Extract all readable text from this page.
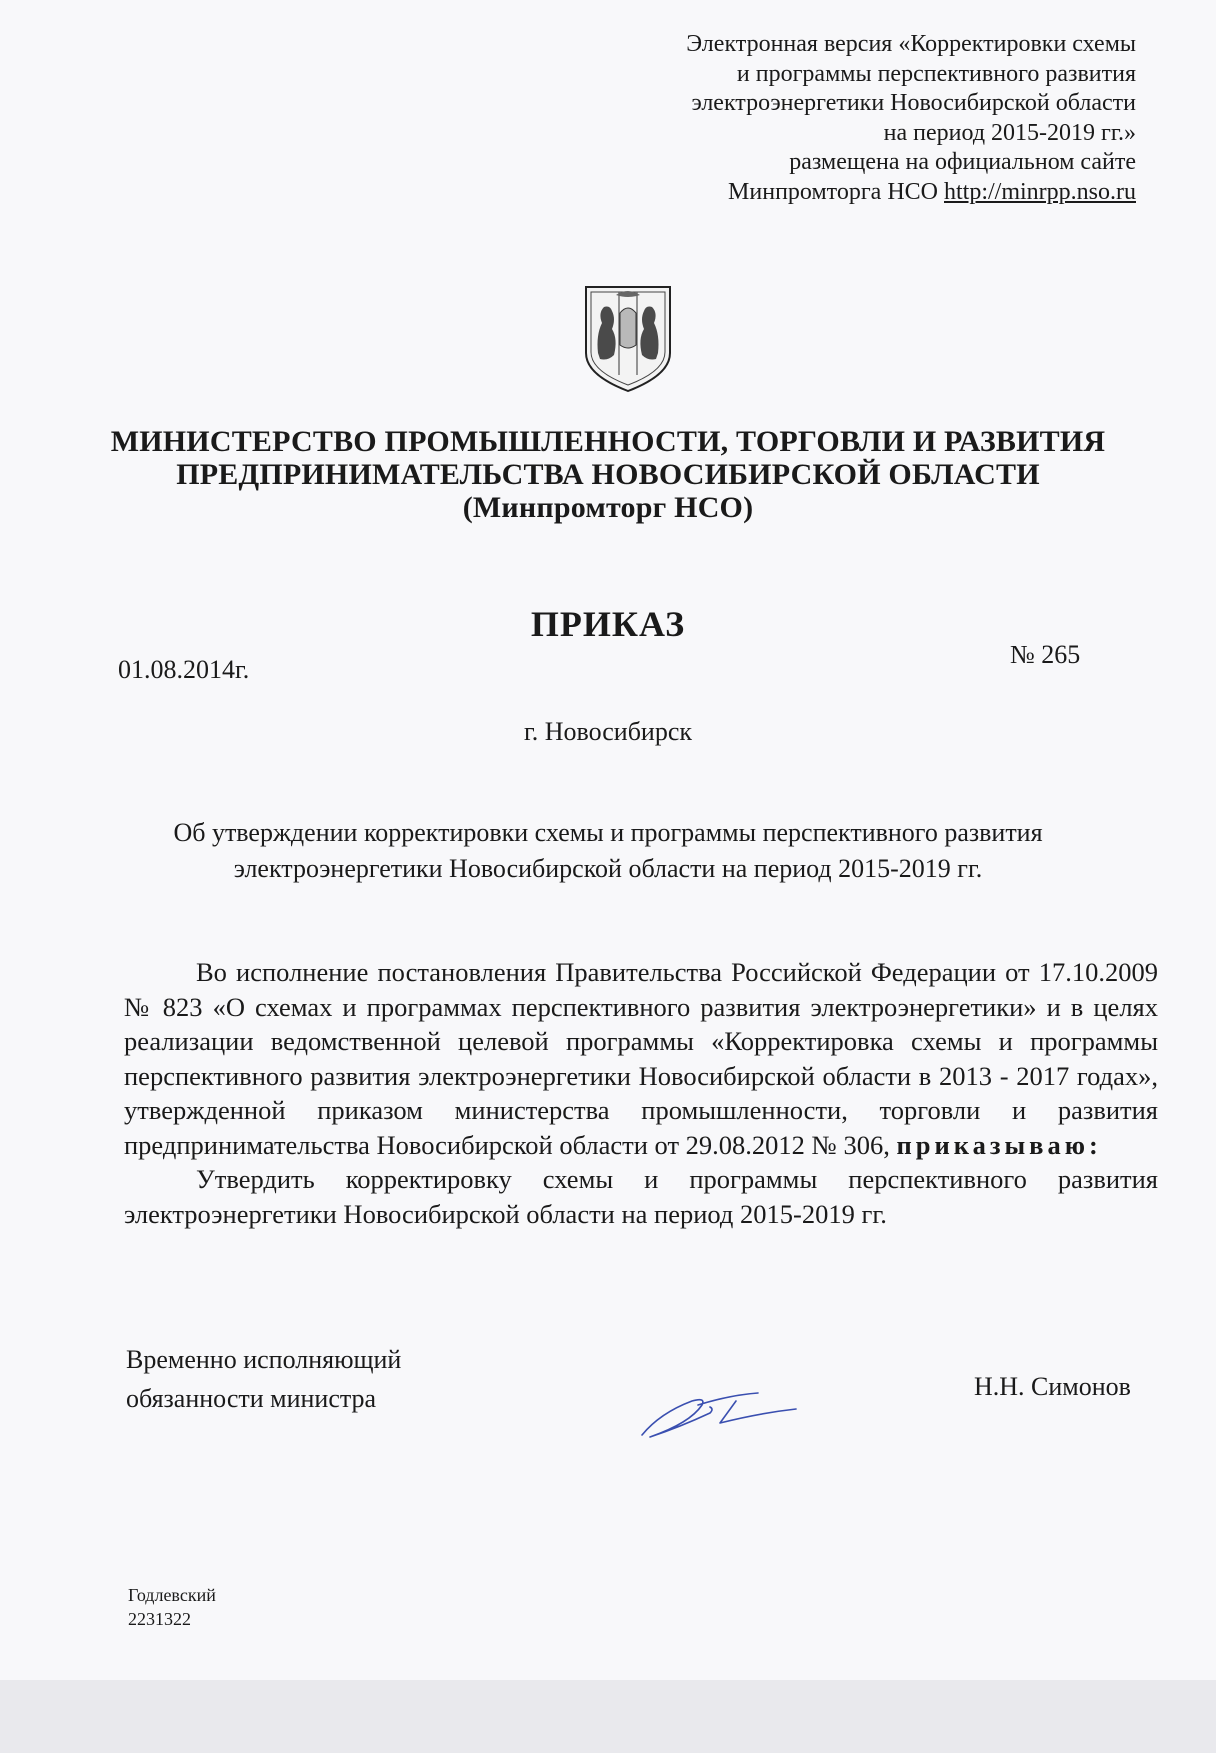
Электронная версия «Корректировки схемы
и программы перспективного развития
электроэнергетики Новосибирской области
на период 2015-2019 гг.»
размещена на официальном сайте
Минпромторга НСО http://minrpp.nso.ru
МИНИСТЕРСТВО ПРОМЫШЛЕННОСТИ, ТОРГОВЛИ И РАЗВИТИЯ
ПРЕДПРИНИМАТЕЛЬСТВА НОВОСИБИРСКОЙ ОБЛАСТИ
(Минпромторг НСО)
ПРИКАЗ
01.08.2014г.
№ 265
г. Новосибирск
Об утверждении корректировки схемы и программы перспективного развития
электроэнергетики Новосибирской области на период 2015-2019 гг.

Во исполнение постановления Правительства Российской Федерации от 17.10.2009 № 823 «О схемах и программах перспективного развития электроэнергетики» и в целях реализации ведомственной целевой программы «Корректировка схемы и программы перспективного развития электроэнергетики Новосибирской области в 2013 - 2017 годах», утвержденной приказом министерства промышленности, торговли и развития предпринимательства Новосибирской области от 29.08.2012 № 306, приказываю:

Утвердить корректировку схемы и программы перспективного развития электроэнергетики Новосибирской области на период 2015-2019 гг.

Временно исполняющий
обязанности министра	Н.Н. Симонов
Годлевский
2231322
